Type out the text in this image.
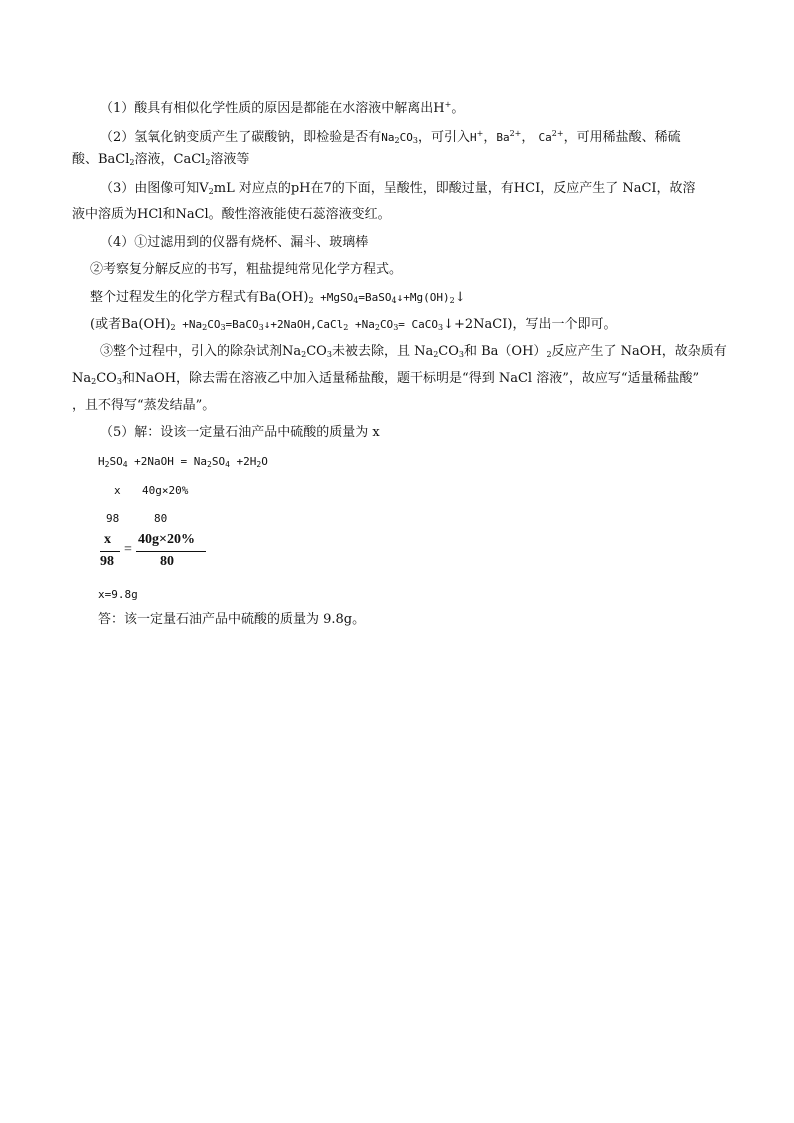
（1）酸具有相似化学性质的原因是都能在水溶液中解离出H+。
（2）氢氧化钠变质产生了碳酸钠，即检验是否有$Na_2CO_3$，可引入H+，$Ba^{2+}$， $Ca^{2+}$，可用稀盐酸、稀硫
酸、BaCl$_2$溶液，CaCl$_2$溶液等
（3）由图像可知$V_2mL$ 对应点的pH在7的下面，呈酸性，即酸过量，有HCI，反应产生了 NaCI，故溶
液中溶质为HCl和NaCl。酸性溶液能使石蕊溶液变红。
（4）①过滤用到的仪器有烧杯、漏斗、玻璃棒
②考察复分解反应的书写，粗盐提纯常见化学方程式。
整个过程发生的化学方程式有$Ba(OH)_2$ $+MgSO_4=BaSO_4↓+Mg(OH)_2↓$
(或者$Ba(OH)_2$ $+Na_2CO_3=BaCO_3↓+2NaOH,CaCl_2 +Na_2CO_3=$ CaCO$_3$↓+2NaCI)，写出一个即可。
③整个过程中，引入的除杂试剂$Na_2CO_3$未被去除，且 $Na_2CO_3$和 $Ba(OH)_2$反应产生了 NaOH，故杂质有
$Na_2CO_3$和NaOH，除去需在溶液乙中加入适量稀盐酸，题干标明是“得到 NaCl 溶液”，故应写“适量稀盐酸”
，且不得写“蒸发结晶”。
（5）解：设该一定量石油产品中硫酸的质量为 x
$H_2SO_4$ +2NaOH = $Na_2SO_4 +2H_2O$
x	40g×20%
98	80
x
98
=
40g×20%
80
x=9.8g
答：该一定量石油产品中硫酸的质量为 9.8g。
